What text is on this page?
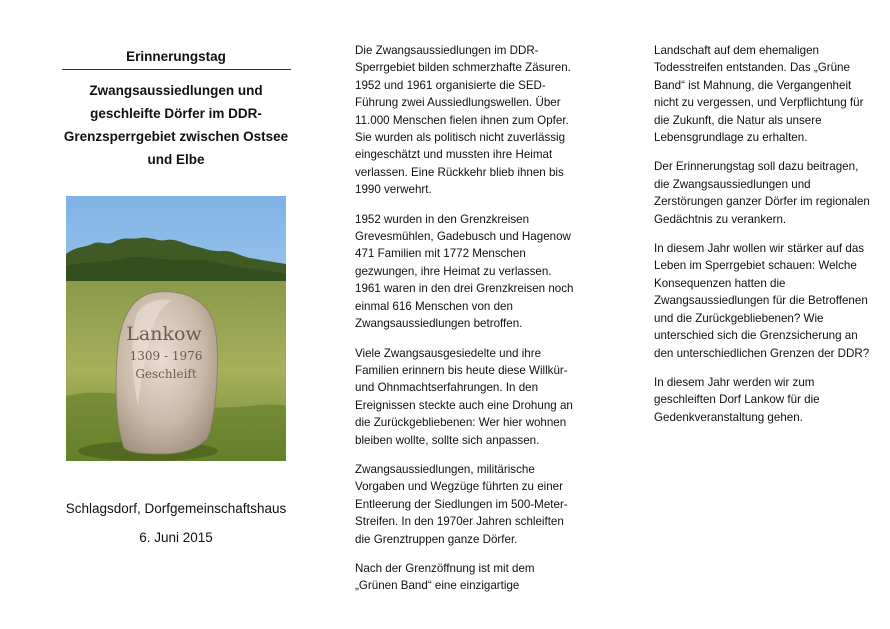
Erinnerungstag
Zwangsaussiedlungen und geschleifte Dörfer im DDR-Grenzsperrgebiet zwischen Ostsee und Elbe
Lankow
1309 - 1976
Geschleift
Schlagsdorf, Dorfgemeinschaftshaus
6. Juni 2015

Die Zwangsaussiedlungen im DDR-Sperrgebiet bilden schmerzhafte Zäsuren. 1952 und 1961 organisierte die SED-Führung zwei Aussiedlungswellen. Über 11.000 Menschen fielen ihnen zum Opfer. Sie wurden als politisch nicht zuverlässig eingeschätzt und mussten ihre Heimat verlassen. Eine Rückkehr blieb ihnen bis 1990 verwehrt.

1952 wurden in den Grenzkreisen Grevesmühlen, Gadebusch und Hagenow 471 Familien mit 1772 Menschen gezwungen, ihre Heimat zu verlassen. 1961 waren in den drei Grenzkreisen noch einmal 616 Menschen von den Zwangsaussiedlungen betroffen.

Viele Zwangsausgesiedelte und ihre Familien erinnern bis heute diese Willkür- und Ohnmachtserfahrungen. In den Ereignissen steckte auch eine Drohung an die Zurückgebliebenen: Wer hier wohnen bleiben wollte, sollte sich anpassen.

Zwangsaussiedlungen, militärische Vorgaben und Wegzüge führten zu einer Entleerung der Siedlungen im 500-Meter-Streifen. In den 1970er Jahren schleiften die Grenztruppen ganze Dörfer.

Nach der Grenzöffnung ist mit dem „Grünen Band“ eine einzigartige

Landschaft auf dem ehemaligen Todesstreifen entstanden. Das „Grüne Band“ ist Mahnung, die Vergangenheit nicht zu vergessen, und Verpflichtung für die Zukunft, die Natur als unsere Lebensgrundlage zu erhalten.

Der Erinnerungstag soll dazu beitragen, die Zwangsaussiedlungen und Zerstörungen ganzer Dörfer im regionalen Gedächtnis zu verankern.

In diesem Jahr wollen wir stärker auf das Leben im Sperrgebiet schauen: Welche Konsequenzen hatten die Zwangsaussiedlungen für die Betroffenen und die Zurückgebliebenen? Wie unterschied sich die Grenzsicherung an den unterschiedlichen Grenzen der DDR?

In diesem Jahr werden wir zum geschleiften Dorf Lankow für die Gedenkveranstaltung gehen.
